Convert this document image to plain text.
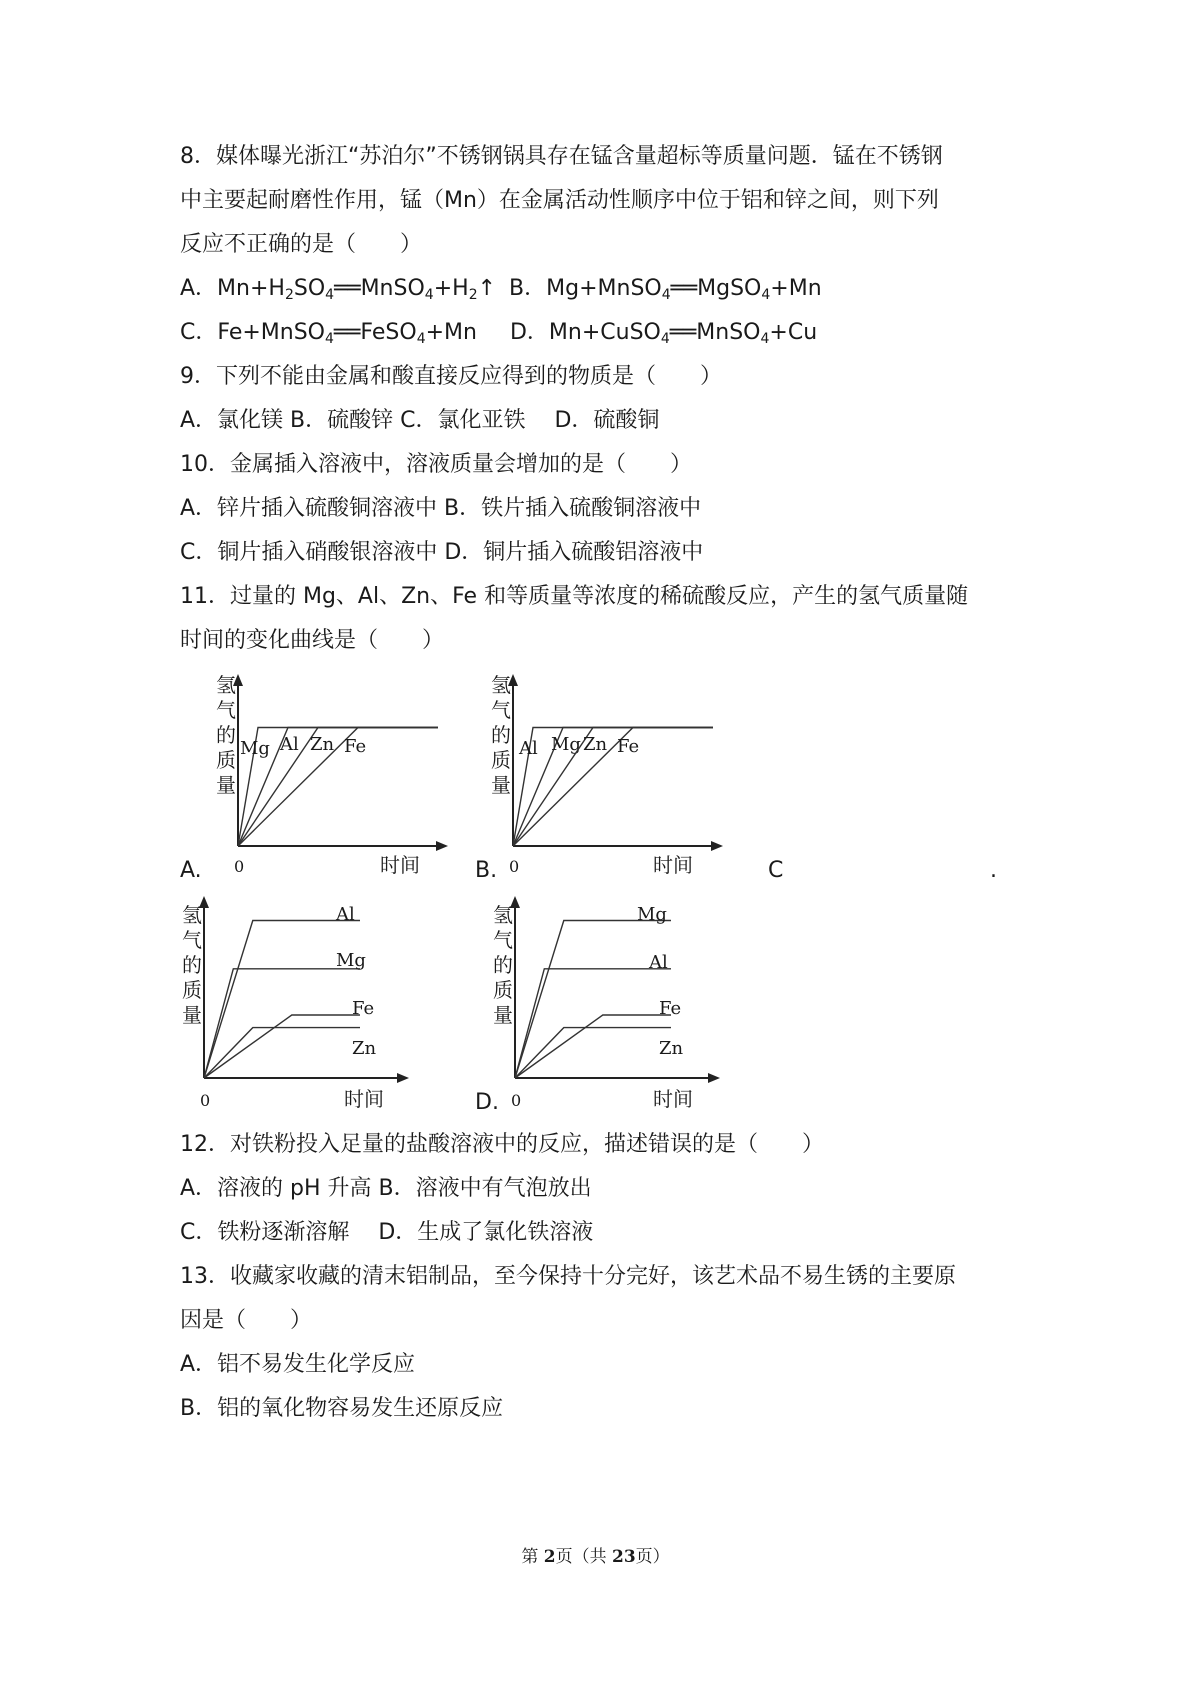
8．媒体曝光浙江“苏泊尔”不锈钢锅具存在锰含量超标等质量问题．锰在不锈钢
中主要起耐磨性作用，锰（Mn）在金属活动性顺序中位于铝和锌之间，则下列
反应不正确的是（　　）
A．$Mn+H_2SO_4══MnSO_4+H_2↑$ B．Mg+MnSO$_4$══MgSO$_4$+Mn
C．Fe+MnSO$_4$══FeSO$_4$+Mn D．Mn+CuSO$_4$══MnSO$_4$+Cu
9．下列不能由金属和酸直接反应得到的物质是（　　）
A．氯化镁 B．硫酸锌 C．氯化亚铁　 D．硫酸铜
10．金属插入溶液中，溶液质量会增加的是（　　）
A．锌片插入硫酸铜溶液中 B．铁片插入硫酸铜溶液中
C．铜片插入硝酸银溶液中 D．铜片插入硫酸铝溶液中
11．过量的 Mg、Al、Zn、Fe 和等质量等浓度的稀硫酸反应，产生的氢气质量随
时间的变化曲线是（　　）
氢
气
的
质
量
时间
0
Mg Al Zn Fe
氢
气
的
质
量
时间
0
Al Mg Zn Fe
氢
气
的
质
量
时间
0
Al
Mg
Fe
Zn
氢
气
的
质
量
时间
0
Mg
Al
Fe
Zn
A.	B.	C	.
D.
12．对铁粉投入足量的盐酸溶液中的反应，描述错误的是（　　）
A．溶液的 pH 升高 B．溶液中有气泡放出
C．铁粉逐渐溶解　 D．生成了氯化铁溶液
13．收藏家收藏的清末铝制品，至今保持十分完好，该艺术品不易生锈的主要原
因是（　　）
A．铝不易发生化学反应
B．铝的氧化物容易发生还原反应
第 2页（共 23页）
